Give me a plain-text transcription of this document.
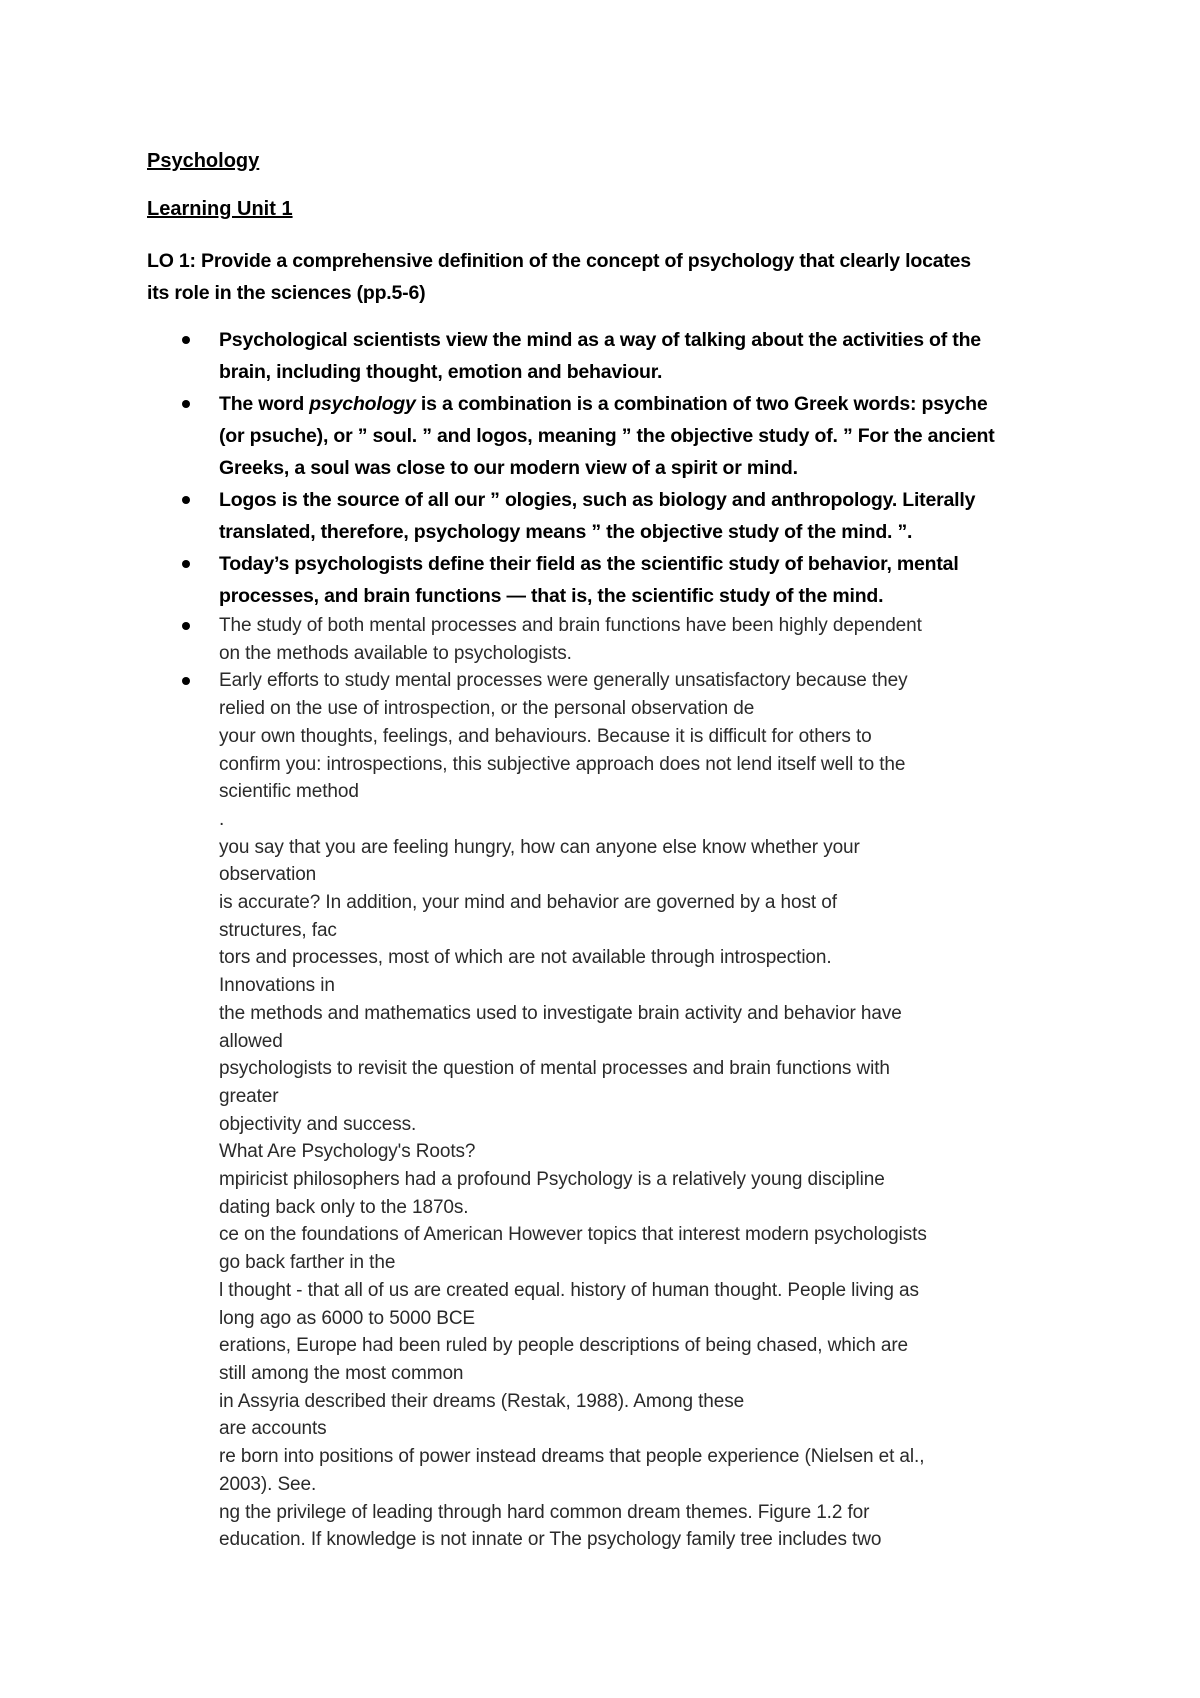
Psychology
Learning Unit 1

LO 1: Provide a comprehensive definition of the concept of psychology that clearly locates
its role in the sciences (pp.5-6)

Psychological scientists view the mind as a way of talking about the activities of the
brain, including thought, emotion and behaviour.
The word psychology is a combination is a combination of two Greek words: psyche
(or psuche), or ” soul. ” and logos, meaning ” the objective study of. ” For the ancient
Greeks, a soul was close to our modern view of a spirit or mind.
Logos is the source of all our ” ologies, such as biology and anthropology. Literally
translated, therefore, psychology means ” the objective study of the mind. ”.
Today’s psychologists define their field as the scientific study of behavior, mental
processes, and brain functions — that is, the scientific study of the mind.
The study of both mental processes and brain functions have been highly dependent
on the methods available to psychologists.
Early efforts to study mental processes were generally unsatisfactory because they
relied on the use of introspection, or the personal observation de
your own thoughts, feelings, and behaviours. Because it is difficult for others to
confirm you: introspections, this subjective approach does not lend itself well to the
scientific method
.
you say that you are feeling hungry, how can anyone else know whether your
observation
is accurate? In addition, your mind and behavior are governed by a host of
structures, fac
tors and processes, most of which are not available through introspection.
Innovations in
the methods and mathematics used to investigate brain activity and behavior have
allowed
psychologists to revisit the question of mental processes and brain functions with
greater
objectivity and success.
What Are Psychology's Roots?
mpiricist philosophers had a profound Psychology is a relatively young discipline
dating back only to the 1870s.
ce on the foundations of American However topics that interest modern psychologists
go back farther in the
l thought - that all of us are created equal. history of human thought. People living as
long ago as 6000 to 5000 BCE
erations, Europe had been ruled by people descriptions of being chased, which are
still among the most common
in Assyria described their dreams (Restak, 1988). Among these
are accounts
re born into positions of power instead dreams that people experience (Nielsen et al.,
2003). See.
ng the privilege of leading through hard common dream themes. Figure 1.2 for
education. If knowledge is not innate or The psychology family tree includes two
